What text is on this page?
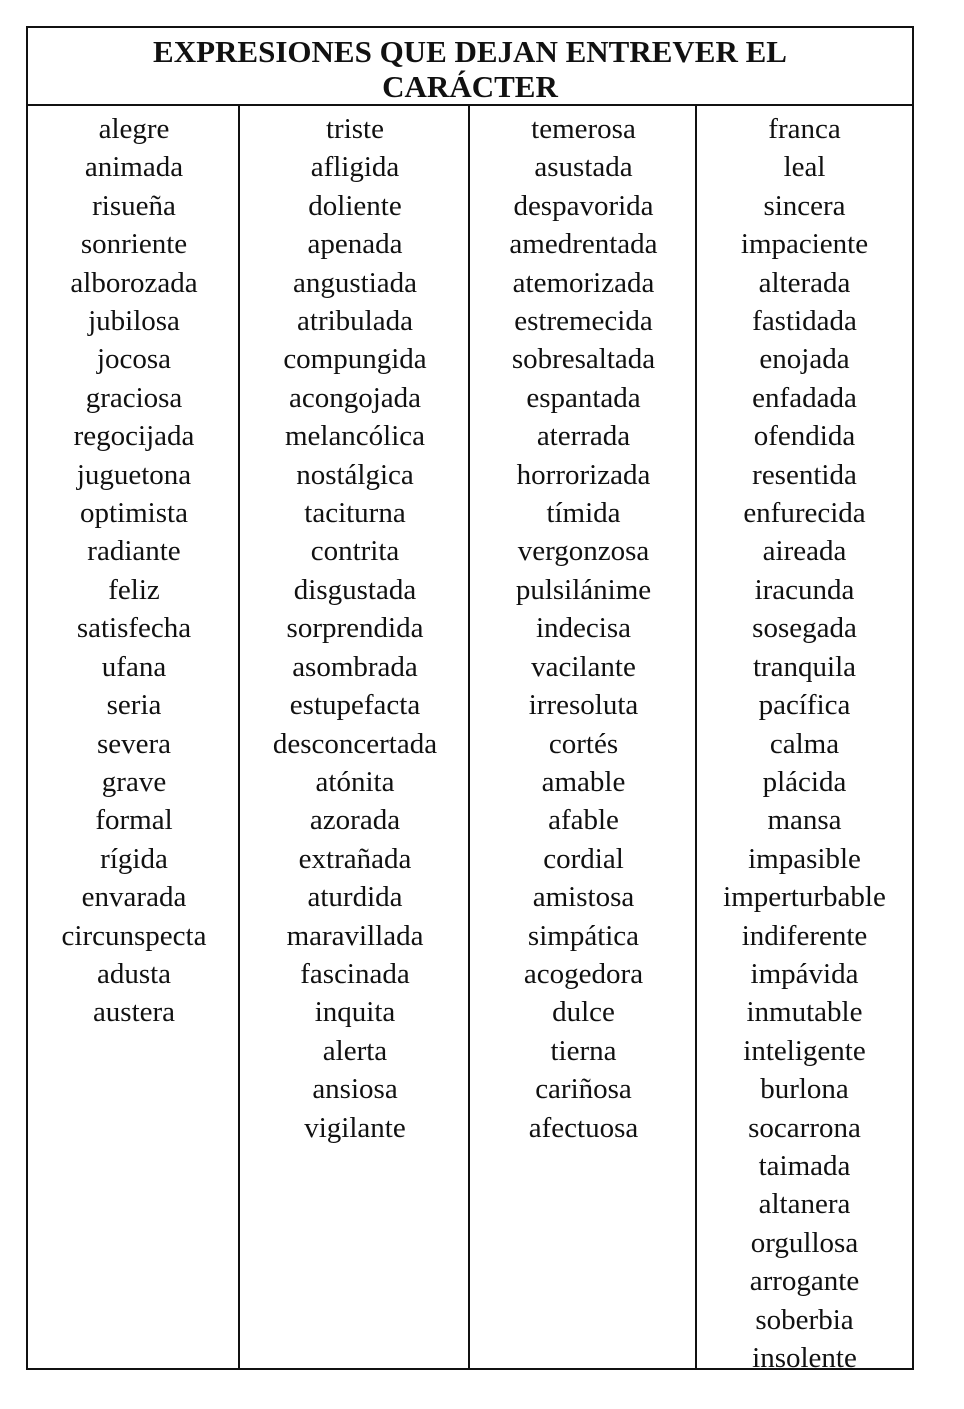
EXPRESIONES QUE DEJAN ENTREVER EL
CARÁCTER
alegre
animada
risueña
sonriente
alborozada
jubilosa
jocosa
graciosa
regocijada
juguetona
optimista
radiante
feliz
satisfecha
ufana
seria
severa
grave
formal
rígida
envarada
circunspecta
adusta
austera
triste
afligida
doliente
apenada
angustiada
atribulada
compungida
acongojada
melancólica
nostálgica
taciturna
contrita
disgustada
sorprendida
asombrada
estupefacta
desconcertada
atónita
azorada
extrañada
aturdida
maravillada
fascinada
inquita
alerta
ansiosa
vigilante
temerosa
asustada
despavorida
amedrentada
atemorizada
estremecida
sobresaltada
espantada
aterrada
horrorizada
tímida
vergonzosa
pulsilánime
indecisa
vacilante
irresoluta
cortés
amable
afable
cordial
amistosa
simpática
acogedora
dulce
tierna
cariñosa
afectuosa
franca
leal
sincera
impaciente
alterada
fastidada
enojada
enfadada
ofendida
resentida
enfurecida
aireada
iracunda
sosegada
tranquila
pacífica
calma
plácida
mansa
impasible
imperturbable
indiferente
impávida
inmutable
inteligente
burlona
socarrona
taimada
altanera
orgullosa
arrogante
soberbia
insolente
